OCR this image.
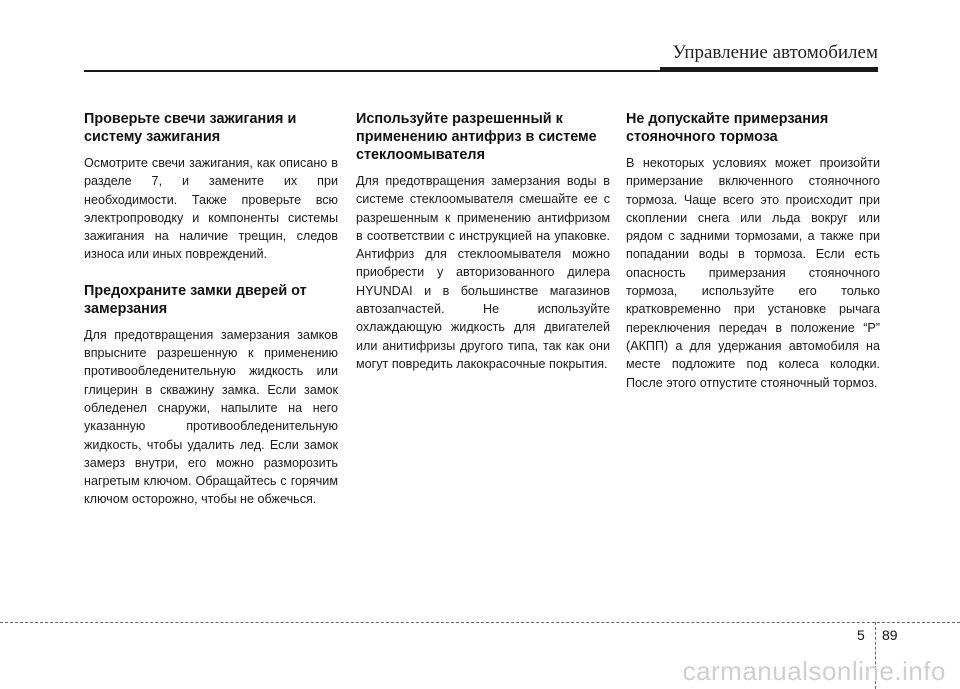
Управление автомобилем
Проверьте свечи зажигания и систему зажигания

Осмотрите свечи зажигания, как описано в разделе 7, и замените их при необходимости. Также проверьте всю электропроводку и компоненты системы зажигания на наличие трещин, следов износа или иных повреждений.

Предохраните замки дверей от замерзания

Для предотвращения замерзания замков впрысните разрешенную к применению противообледенительную жидкость или глицерин в скважину замка. Если замок обледенел снаружи, напылите на него указанную противообледенительную жидкость, чтобы удалить лед. Если замок замерз внутри, его можно разморозить нагретым ключом. Обращайтесь с горячим ключом осторожно, чтобы не обжечься.

Используйте разрешенный к применению антифриз в системе стеклоомывателя

Для предотвращения замерзания воды в системе стеклоомывателя смешайте ее с разрешенным к применению антифризом в соответствии с инструкцией на упаковке. Антифриз для стеклоомывателя можно приобрести у авторизованного дилера HYUNDAI и в большинстве магазинов автозапчастей. Не используйте охлаждающую жидкость для двигателей или анитифризы другого типа, так как они могут повредить лакокрасочные покрытия.

Не допускайте примерзания стояночного тормоза

В некоторых условиях может произойти примерзание включенного стояночного тормоза. Чаще всего это происходит при скоплении снега или льда вокруг или рядом с задними тормозами, а также при попадании воды в тормоза. Если есть опасность примерзания стояночного тормоза, используйте его только кратковременно при установке рычага переключения передач в положение “P” (АКПП) а для удержания автомобиля на месте подложите под колеса колодки. После этого отпустите стояночный тормоз.

5 89
carmanualsonline.info
